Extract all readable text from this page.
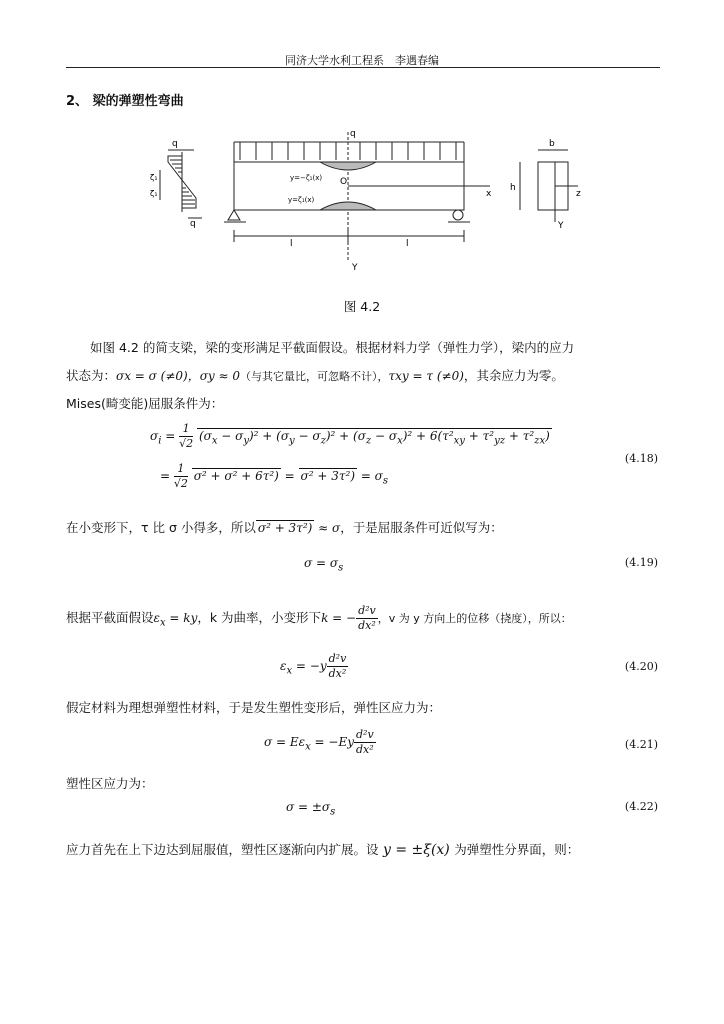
同济大学水利工程系　李遇春编
2、 梁的弹塑性弯曲
q
q
ζ₁
ζ₁
q
O
x
Y
l	l
y=−ζ₁(x)
y=ζ₁(x)
b
h
z
Y
图 4.2
如图 4.2 的简支梁，梁的变形满足平截面假设。根据材料力学（弹性力学），梁内的应力
状态为：σx = σ (≠0)，σy ≈ 0（与其它量比，可忽略不计），τxy = τ (≠0)，其余应力为零。
Mises(畸变能)屈服条件为：
$\sigma_i = \frac{1}{√2} (\sigma_x - \sigma_y)^2 + (\sigma_y - \sigma_z)^2 + (\sigma_z - \sigma_x)^2 + 6(\tau^2_{xy} + \tau^2_{yz} + \tau^2_{zx})$
= $\frac{1}{√2} \sigma^2 + \sigma^2 + 6\tau^2) = \sigma^2 + 3\tau^2) = \sigma_s$
(4.18)
在小变形下，τ 比 σ 小得多，所以 σ² + 3τ²) ≈ σ，于是屈服条件可近似写为：
$\sigma = \sigma_s$	(4.19)
根据平截面假设$\varepsilon_x$ = ky，k 为曲率，小变形下k = − $\frac{\text{d²v}}{\text{dx²}}$ ，v 为 y 方向上的位移（挠度），所以：
$\varepsilon_x = -y \frac{\text{d²v}}{\text{dx²}}$	(4.20)
假定材料为理想弹塑性材料，于是发生塑性变形后，弹性区应力为：
$\sigma = E\varepsilon_x = -Ey \frac{\text{d²v}}{\text{dx²}}$	(4.21)
塑性区应力为：
$\sigma = \pm\sigma_s$	(4.22)
应力首先在上下边达到屈服值，塑性区逐渐向内扩展。设 y = ±ξ(x) 为弹塑性分界面，则：
